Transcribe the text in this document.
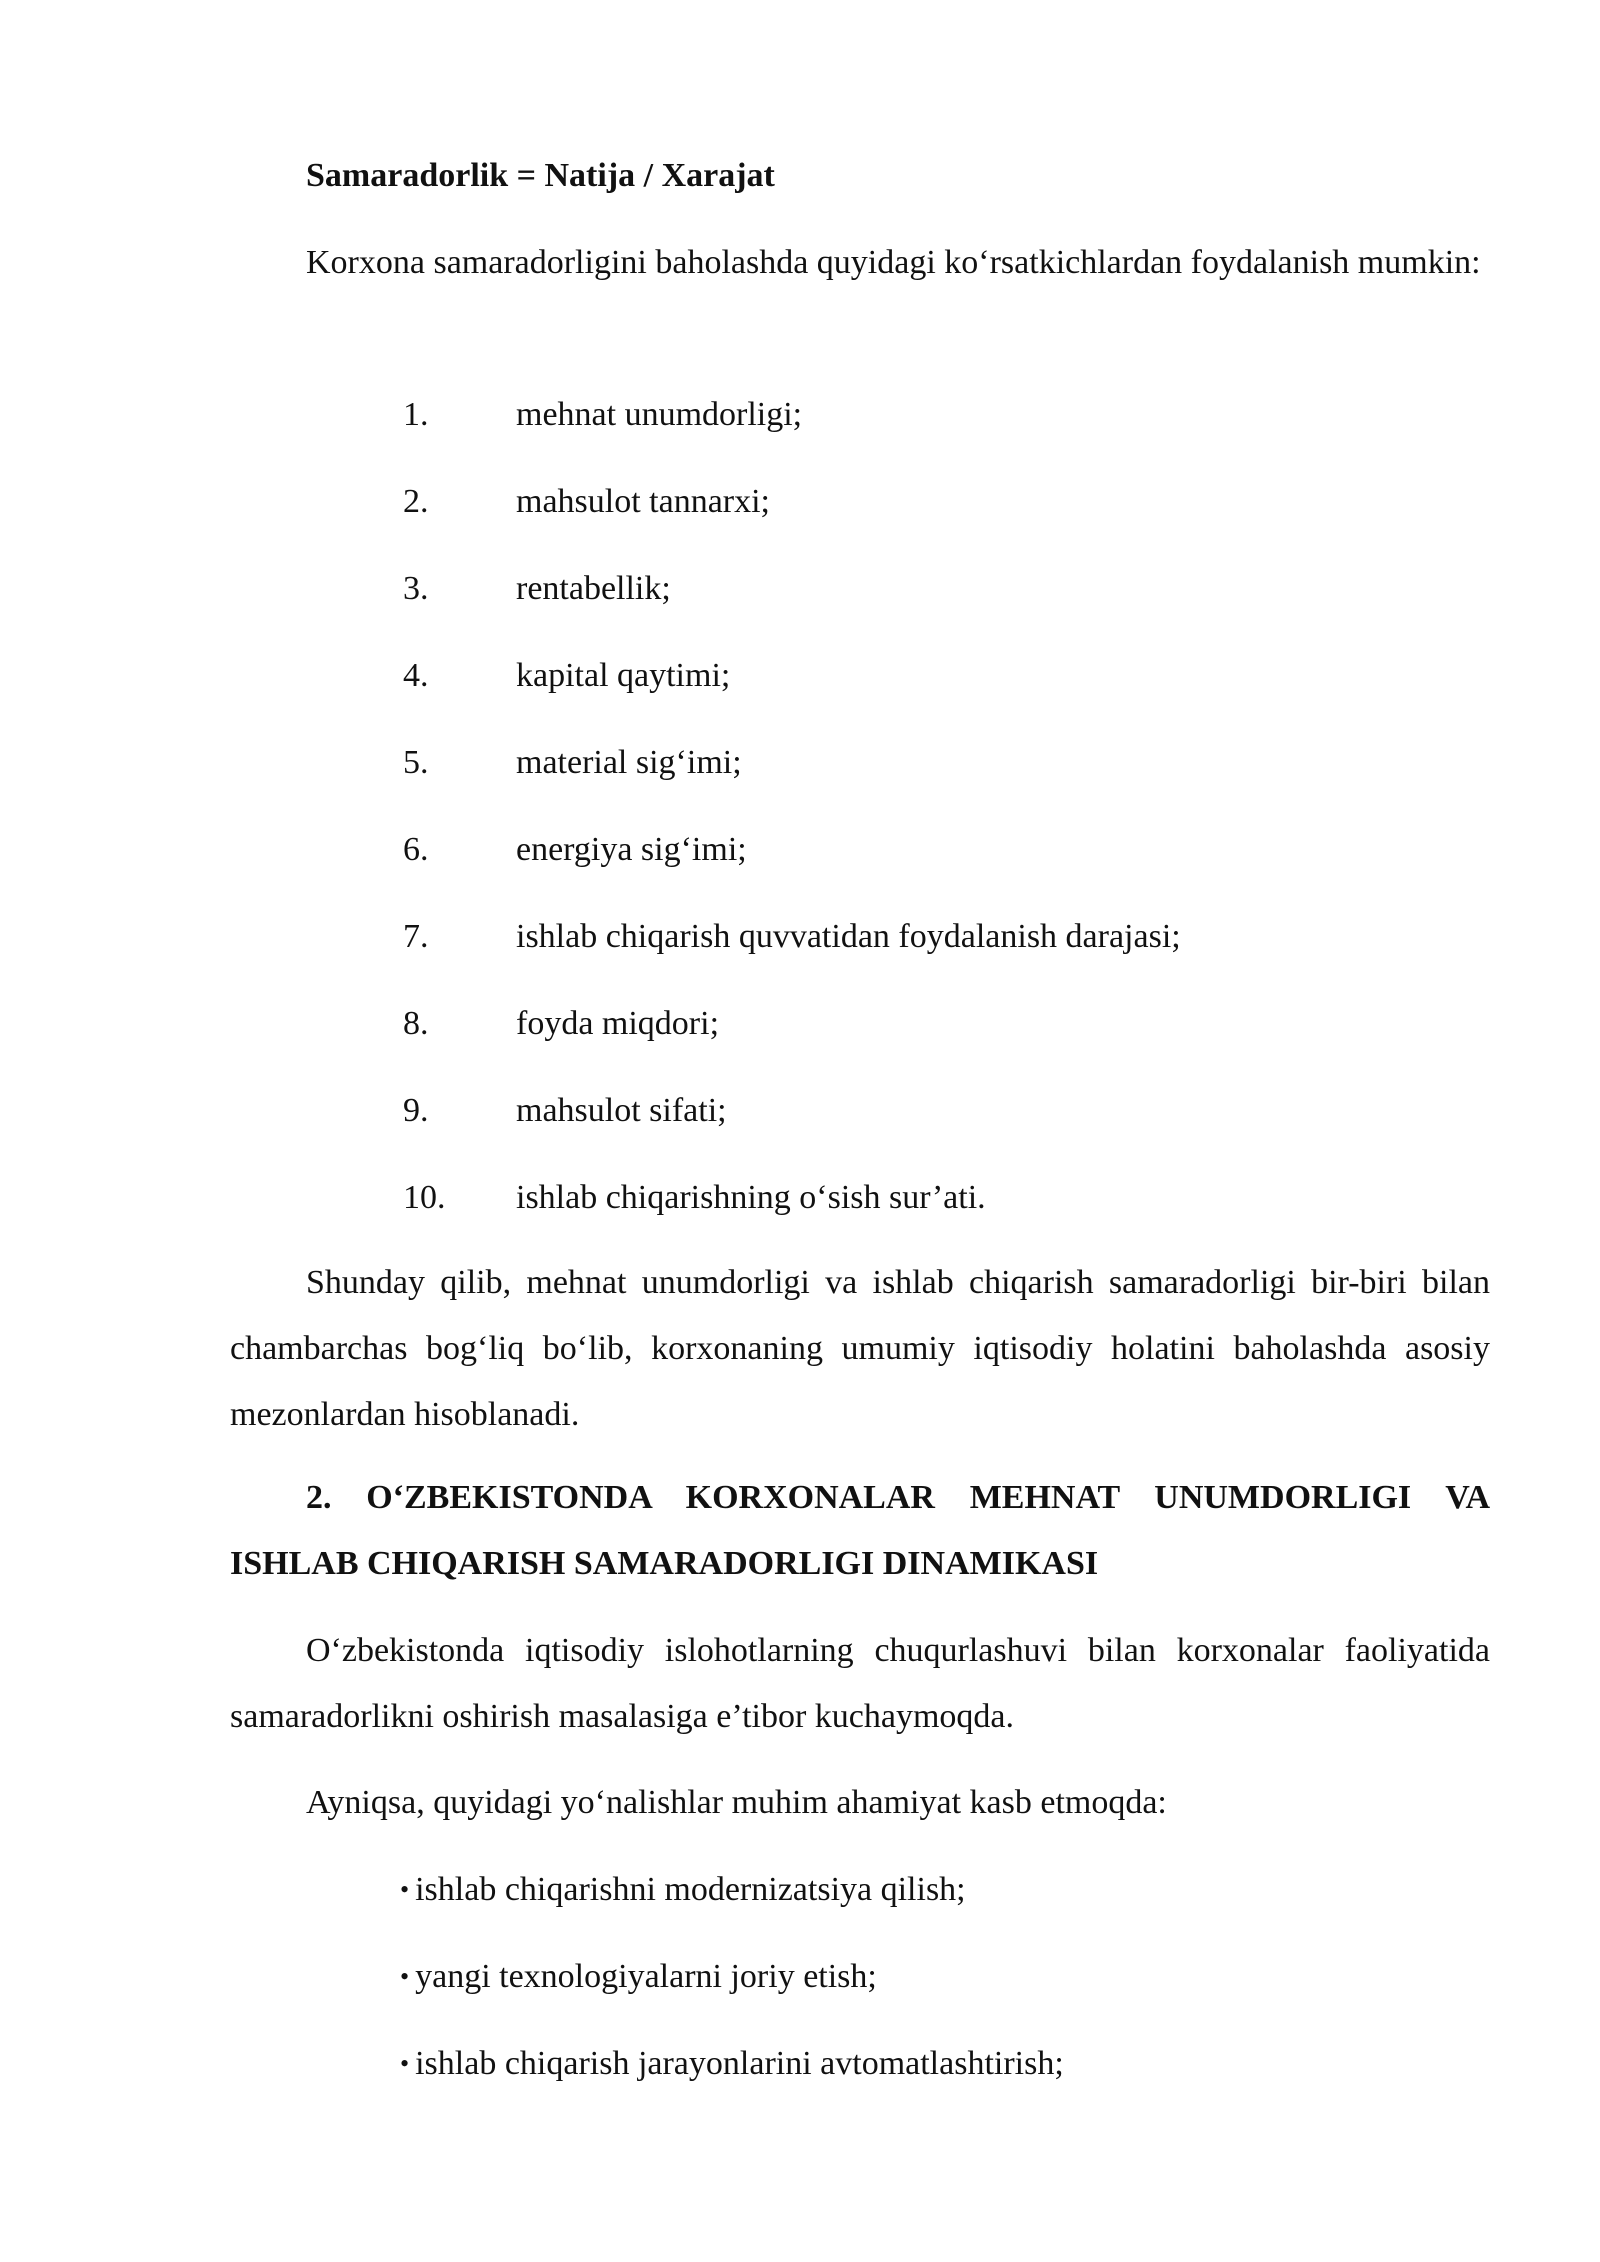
Samaradorlik = Natija / Xarajat

Korxona samaradorligini baholashda quyidagi ko‘rsatkichlardan foydalanish mumkin:

1.	mehnat unumdorligi;
2.	mahsulot tannarxi;
3.	rentabellik;
4.	kapital qaytimi;
5.	material sig‘imi;
6.	energiya sig‘imi;
7.	ishlab chiqarish quvvatidan foydalanish darajasi;
8.	foyda miqdori;
9.	mahsulot sifati;
10. ishlab chiqarishning o‘sish sur’ati.

Shunday qilib, mehnat unumdorligi va ishlab chiqarish samaradorligi bir-biri bilan chambarchas bog‘liq bo‘lib, korxonaning umumiy iqtisodiy holatini baholashda asosiy mezonlardan hisoblanadi.

2. O‘ZBEKISTONDA KORXONALAR MEHNAT UNUMDORLIGI VA ISHLAB CHIQARISH SAMARADORLIGI DINAMIKASI

O‘zbekistonda iqtisodiy islohotlarning chuqurlashuvi bilan korxonalar faoliyatida samaradorlikni oshirish masalasiga e’tibor kuchaymoqda.

Ayniqsa, quyidagi yo‘nalishlar muhim ahamiyat kasb etmoqda:

• ishlab chiqarishni modernizatsiya qilish;
• yangi texnologiyalarni joriy etish;
• ishlab chiqarish jarayonlarini avtomatlashtirish;
